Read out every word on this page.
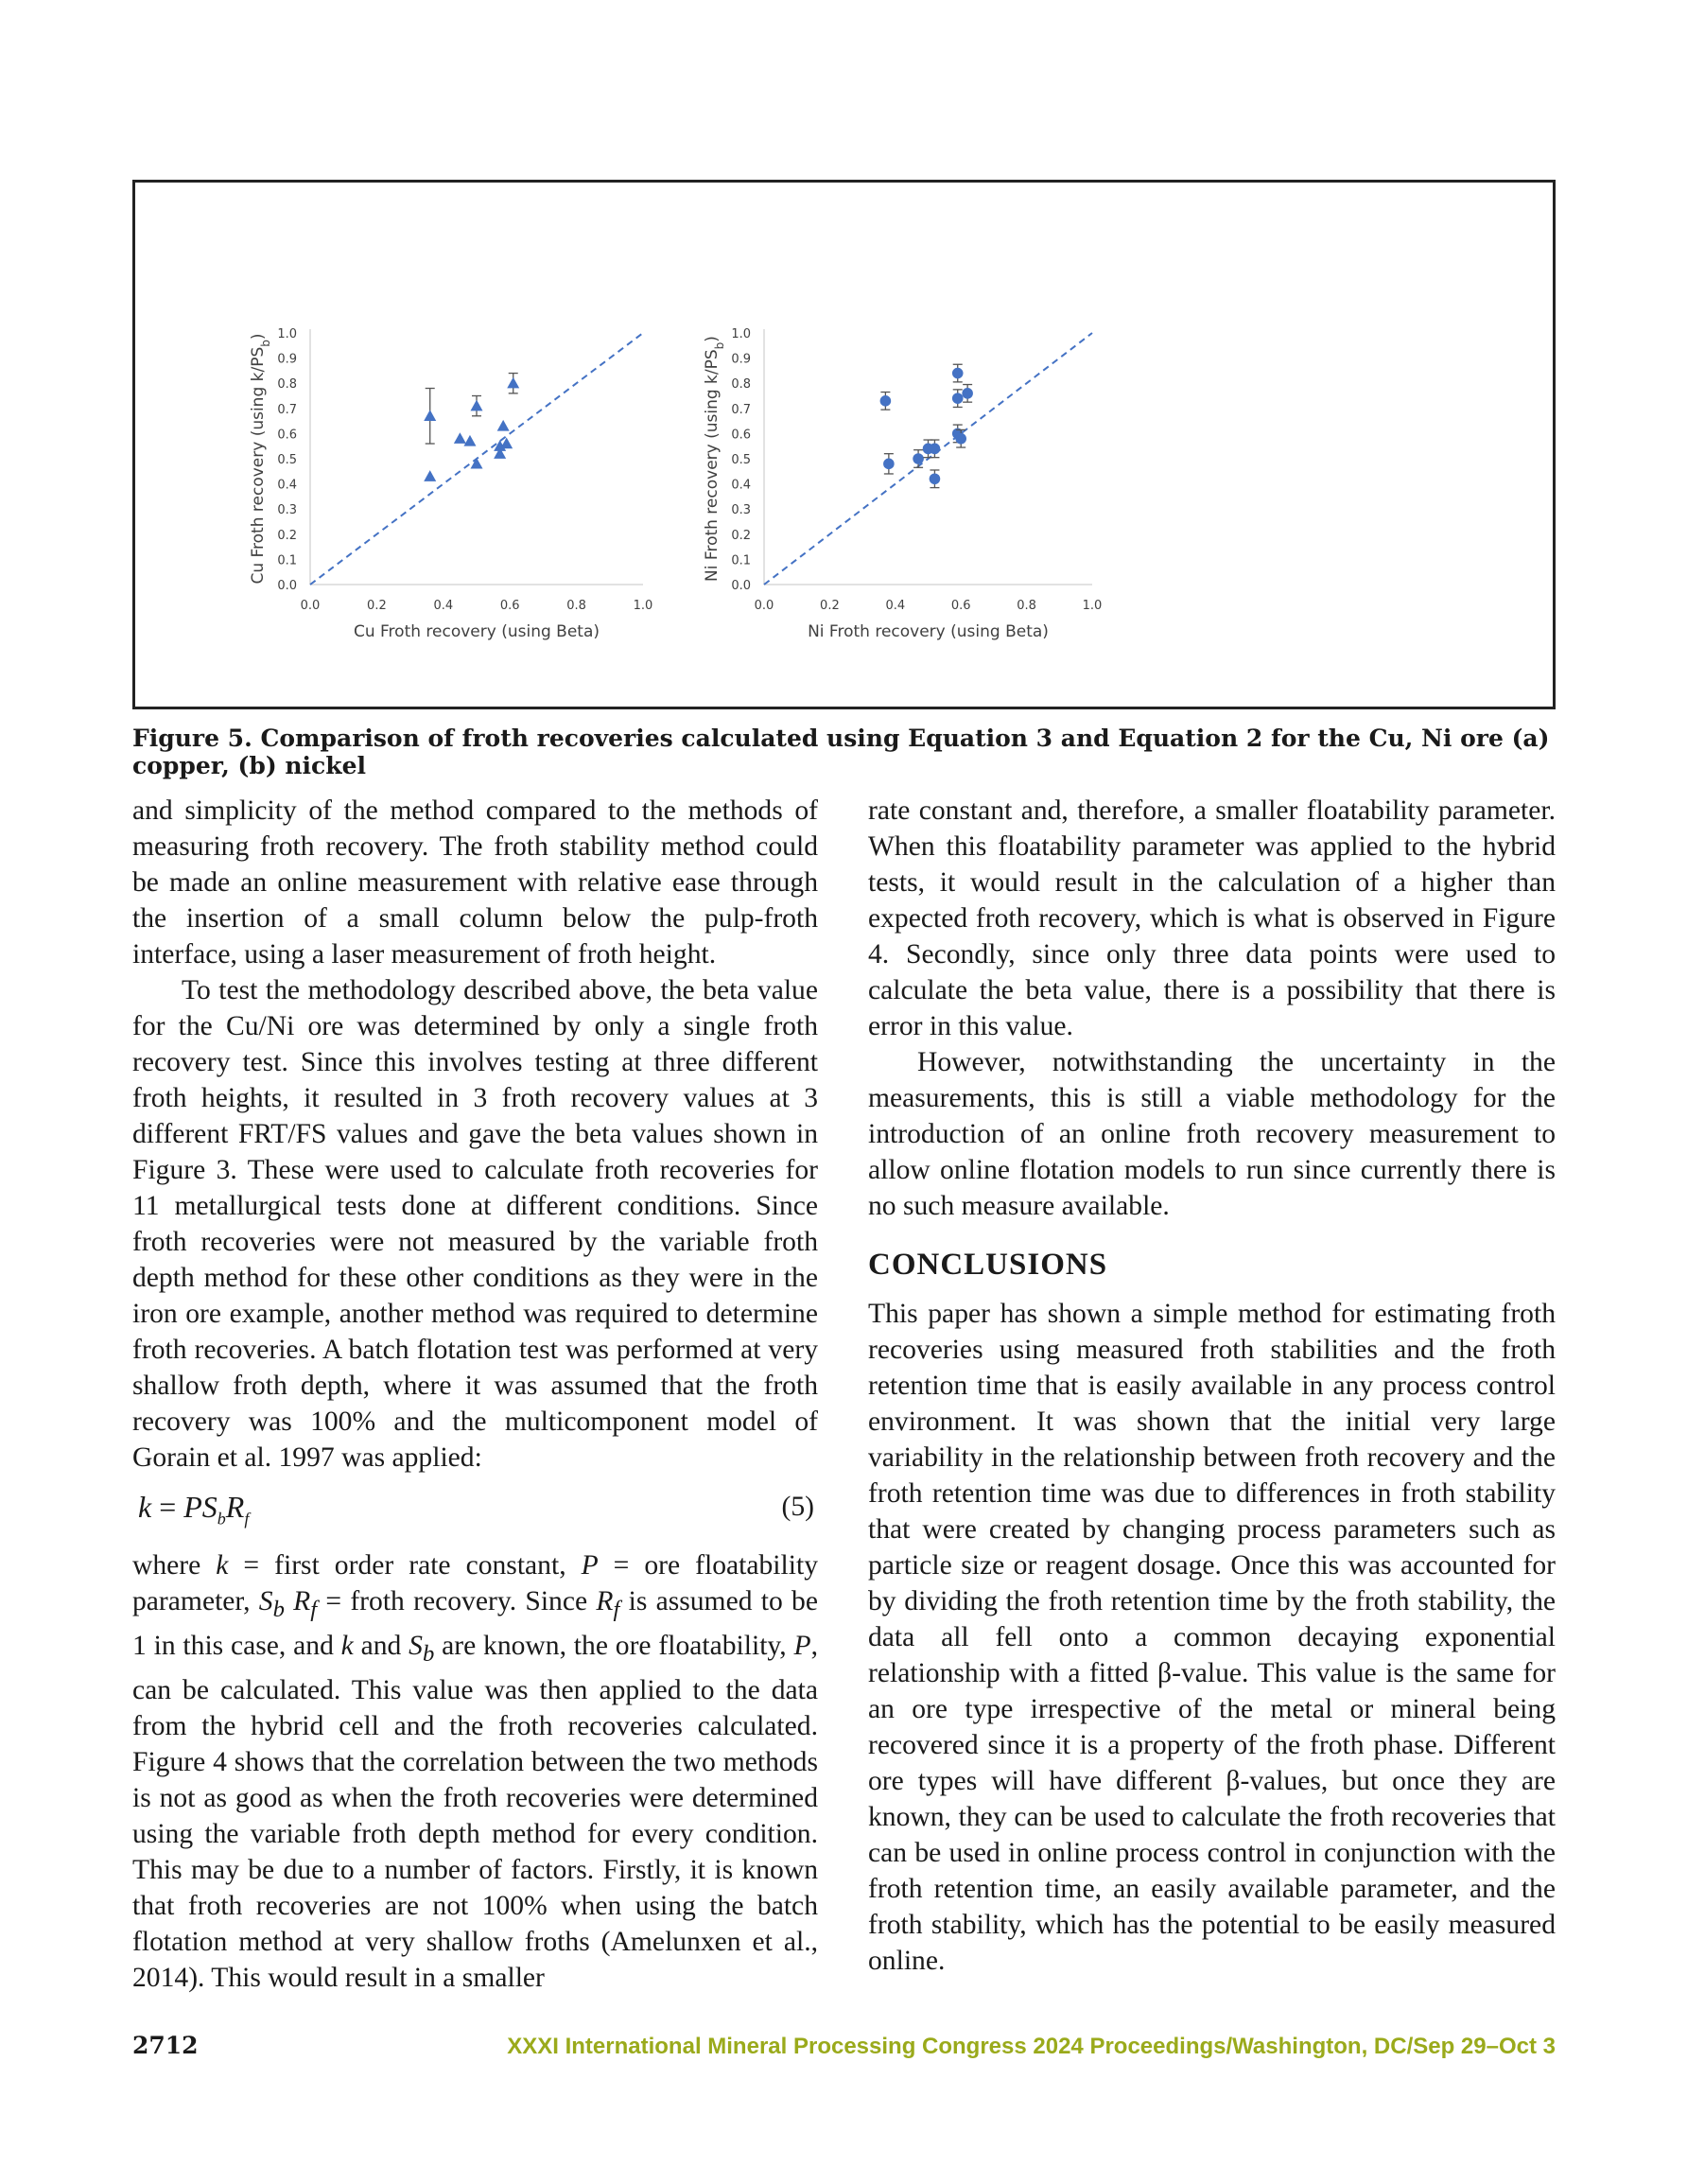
0.0
0.1
0.2
0.3
0.4
0.5
0.6
0.7
0.8
0.9
1.0
0.0	0.2	0.4	0.6	0.8	1.0
Cu Froth recovery (using Beta)
Cu Froth recovery (using $k/PS_b$)
0.0
0.1
0.2
0.3
0.4
0.5
0.6
0.7
0.8
0.9
1.0
0.0	0.2	0.4	0.6	0.8	1.0
Ni Froth recovery (using Beta)
Ni Froth recovery (using $k/PS_b$)
Figure 5. Comparison of froth recoveries calculated using Equation 3 and Equation 2 for the Cu, Ni ore (a) copper, (b) nickel

and simplicity of the method compared to the methods of measuring froth recovery. The froth stability method could be made an online measurement with relative ease through the insertion of a small column below the pulp-froth interface, using a laser measurement of froth height.

To test the methodology described above, the beta value for the Cu/Ni ore was determined by only a single froth recovery test. Since this involves testing at three different froth heights, it resulted in 3 froth recovery values at 3 different FRT/FS values and gave the beta values shown in Figure 3. These were used to calculate froth recoveries for 11 metallurgical tests done at different conditions. Since froth recoveries were not measured by the variable froth depth method for these other conditions as they were in the iron ore example, another method was required to determine froth recoveries. A batch flotation test was performed at very shallow froth depth, where it was assumed that the froth recovery was 100% and the multicomponent model of Gorain et al. 1997 was applied:

$k = PS_bR_f$	(5)

where k = first order rate constant, P = ore floatability parameter, $S_b$ $R_f$ = froth recovery. Since $R_f$ is assumed to be 1 in this case, and k and $S_b$ are known, the ore floatability, P, can be calculated. This value was then applied to the data from the hybrid cell and the froth recoveries calculated. Figure 4 shows that the correlation between the two methods is not as good as when the froth recoveries were determined using the variable froth depth method for every condition. This may be due to a number of factors. Firstly, it is known that froth recoveries are not 100% when using the batch flotation method at very shallow froths (Amelunxen et al., 2014). This would result in a smaller

rate constant and, therefore, a smaller floatability parameter. When this floatability parameter was applied to the hybrid tests, it would result in the calculation of a higher than expected froth recovery, which is what is observed in Figure 4. Secondly, since only three data points were used to calculate the beta value, there is a possibility that there is error in this value.

However, notwithstanding the uncertainty in the measurements, this is still a viable methodology for the introduction of an online froth recovery measurement to allow online flotation models to run since currently there is no such measure available.

CONCLUSIONS

This paper has shown a simple method for estimating froth recoveries using measured froth stabilities and the froth retention time that is easily available in any process control environment. It was shown that the initial very large variability in the relationship between froth recovery and the froth retention time was due to differences in froth stability that were created by changing process parameters such as particle size or reagent dosage. Once this was accounted for by dividing the froth retention time by the froth stability, the data all fell onto a common decaying exponential relationship with a fitted β-value. This value is the same for an ore type irrespective of the metal or mineral being recovered since it is a property of the froth phase. Different ore types will have different β-values, but once they are known, they can be used to calculate the froth recoveries that can be used in online process control in conjunction with the froth retention time, an easily available parameter, and the froth stability, which has the potential to be easily measured online.

2712	XXXI International Mineral Processing Congress 2024 Proceedings/Washington, DC/Sep 29–Oct 3
